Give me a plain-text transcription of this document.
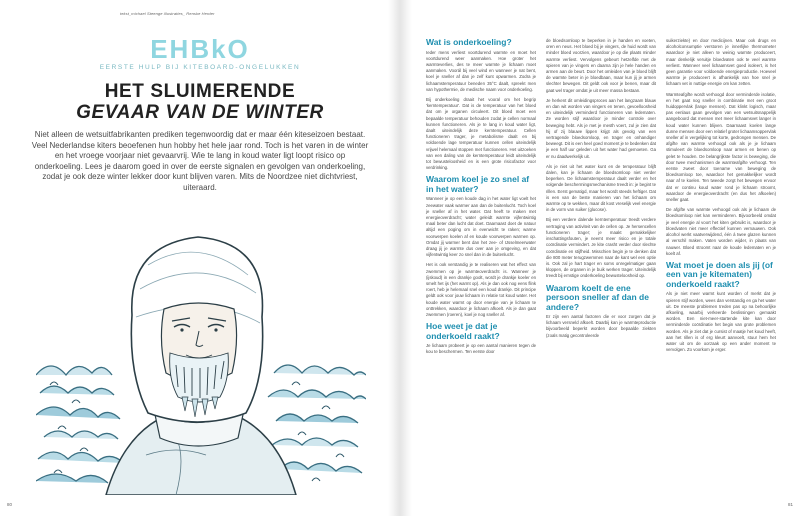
tekst_michael Steenge illustraties_ Renske Herder
EHBkO
EERSTE HULP BIJ KITEBOARD-ONGELUKKEN
HET SLUIMERENDE
GEVAAR VAN DE WINTER
Niet alleen de wetsuitfabrikanten prediken tegenwoordig dat er maar één kiteseizoen bestaat. Veel Nederlandse kiters beoefenen hun hobby het hele jaar rond. Toch is het varen in de winter en het vroege voorjaar niet gevaarvrij. Wie te lang in koud water ligt loopt risico op onderkoeling. Lees je daarom goed in over de eerste signalen en gevolgen van onderkoeling, zodat je ook deze winter lekker door kunt blijven varen. Mits de Noordzee niet dichtvriest, uiteraard.
80
Wat is onderkoeling?
Ieder mens verliest voortdurend warmte en moet het voortdurend weer aanmaken. Hoe groter het warmteverlies, des te meer warmte je lichaam moet aanmaken. Voorál bij veel wind en wanneer je nat bent, koel je sneller af dan je zelf kunt opwarmen. Zodra je lichaamstemperatuur beneden 35°C daalt, spreekt men van hypothermie, de medische naam voor onderkoeling.
Bij onderkoeling draait het vooral om het begrip 'kerntemperatuur'. Dat is de temperatuur van het bloed dat om je organen circuleert. Dit bloed moet een bepaalde temperatuur behouden zodat je cellen normaal kunnen functioneren. Als je te lang in koud water ligt, daalt uiteindelijk deze kerntemperatuur. Cellen functioneren trager, je metabolisme daalt en bij voldoende lage temperatuur kunnen cellen uiteindelijk vrijwel helemaal stoppen met functioneren. Het uitzoeken van een daling van de kerntemperatuur leidt uiteindelijk tot bewusteloosheid en is een grote risicofactor voor verdrinking.
Waarom koel je zo snel af in het water?
Wanneer je op een koude dag in het water ligt voelt het zeewater vaak warmer aan dan de buitenlucht. Toch koel je sneller af in het water. Dat heeft te maken met energieoverdracht; water geleidt warmte vijfentwintig maal beter dan lucht dat doet. Daarnaast doet de natuur altijd een poging om in evenwicht te raken; warme voorwerpen koelen af en koude voorwerpen warmen op. Omdat jij warmer bent dan het zee- of IJsselmeerwater draag jij je warmte dus over aan je omgeving, en dat vijfentwintig keer zo snel dan in de buitenlucht.
Het is ook verstandig je te realiseren wat het effect van zwemmen op je warmteoverdracht is. Wanneer je (ijskoud) in een drankje goolt, wordt je drankje koeler en smelt het ijs (het warmt op). Als je dan ook nog eens flink roert, heb je helemaal snel een koud drankje. Dit principe geldt ook voor jouw lichaam in relatie tot koud water. Het koude water warmt op door energie van je lichaam te onttrekken, waardoor je lichaam afkoelt. Als je dan gaat zwemmen (roeren), koel je nog sneller af.
Hoe weet je dat je onderkoeld raakt?
Je lichaam probeert je op een aantal manieren tegen de kou te beschermen. Ten eerste door
de bloedsomloop te beperken in je handen en voeten, oren en neus. Het bloed bij je vingers, de huid wordt van minder bloed voorzien, waardoor je op die plaats minder warmte verliest. Vervolgens gebeurt hetzelfde met de spieren van je vingers en daarna zijn je hele handen en armen aan de beurt. Door het omleiden van je bloed blijft de warmte beter in je bloedbaan, maar kun jij je armen slechter bewegen. Dit geldt ook voor je benen, maar dit gaat wel trager omdat je uit meer massa bestaan.
Je herkent dit omleidingsproces aan het langzaam blauw en dan wit worden van vingers en tenen, gevoelloosheid en uiteindelijk verminderd functioneren van ledematen. Ze worden stijf waardoor je minder controle over beweging hebt. Als je met je mesth voert, zul je zien dat hij of zij blauwe lippen krijgt als gevolg van een vertragende bloedsomloop, en trager en onhandiger beweegt. Dit is een heel goed moment je te bedenken dat je een half uur geleden uit het water had gemoeten. Ga er nu daadwerkelijk uit.
Als je niet uit het water kunt en de temperatuur blijft dalen, kan je lichaam de bloedsomloop niet verder beperken. De lichaamstemperatuur daalt verder en het volgende beschermingsmechanisme treedt in: je begint te rillen. Eerst gematigd, maar het wordt steeds heftiger. Dat is een van de beste manieren van het lichaam om warmte op te wekken, maar dit kost vreselijk veel energie in de vorm van suiker (glucose).
Bij een verdere dalende kerntemperatuur treedt verdere vertraging van activiteit van de cellen op. Je hersencellen functioneren trager; je maakt gemakkelijker inschattingsfouten, je neemt meer risico en je totale coördinatie vermindert. Je kite crasht verder door slechte coördinatie en stijfheid. Misschien begin je te denken dat die 800 meter terugzwemmen naar de kant wel een optie is. Ook zal je hart trager en soms onregelmatiger gaan kloppen, de organen in je buik werken trager. Uiteindelijk treedt bij ernstige onderkoeling bewusteloosheid op.
Waarom koelt de ene persoon sneller af dan de andere?
Er zijn een aantal factoren die er voor zorgen dat je lichaam versneld afkoelt. Daarbij kan je warmteproductie bijvoorbeeld beperkt worden door bepaalde ziekten (zoals matig gecontroleerde
suikerziekte) en door medicijnen. Maar ook drugs en alcoholconsumptie verstoren je innerlijke thermometer waardoor je niet alleen te weinig warmte produceert, maar denkelijk veruitje bloedvaten ook te veel warmte verliest. Wanneer veel lichaamsvet goed isoleert, is het geen garantie voor voldoende energieproductie. Hoeveel warmte je produceert is afhankelijk van hoe snel je lichaam vet in nuttige energie om kan zetten.
Warmteafgifte wordt verhoogd door verminderde isolatie, en het gaat nog sneller in combinatie met een groot huidoppervlak (lange mensen). Dat klinkt logisch, maar pas eenlaus gaan gevolgen van een wetsuitsnappelijk aangeboord dat mensen met meer lichaamsvet langer in koud water kunnen blijven. Daarnaast koelen lange dunne mensen door een relatief groter lichaamsoppervlak sneller af in vergelijking tot korte, gedrongen mensen. De afgifte van warmte verhoogd ook als je je lichaam stimuleert de bloedsomloop naar armen en benen op gelet te houden. De belangrijkste factor is beweging, die door twee mechanismen de warmteafgifte verhoogt. Ten eerste zweet door toename van beweging de bloedsomloop toe, waardoor het gemakkelijker wordt naar af te koelen. Ten tweede zorgt het bewegen ervoor dat er continu koud water rond je lichaam stroomt, waardoor de energieoverdracht (en dus het afkoelen) sneller gaat.
De afgifte van warmte verhoogd ook als je lichaam de bloedsomloop niet kan verminderen. Bijvoorbeeld omdat je veel energie al voort het kiten gebruikt is, waardoor je bloedvaten niet meer effectief kunnen vernauwen. Ook alcohol werkt vaatverwijdend, één á twee glazen kunnen al verschil maken. Vaten worden wijder, in plaats van nauwer. Bloed stroomt naar de koude ledematen en je koelt af.
Wat moet je doen als jij (of een van je kitematen) onderkoeld raakt?
Als je niet meer warmt kunt worden of merkt dat je spieren stijf worden, wees dan verstandig en ga het water uit. De meeste problemen treden pas op na behoorlijke afkoeling, waarbij verkeerde beslissingen gemaakt worden. Een niet-meer-startende kite kan door verminderde coördinatie het begin van grote problemen worden. Als je ziet dat je cursist of maatje het koud heeft, aan het rillen is of erg kleurt aanvoelt, stuur hem het water uit om de oorzaak op een ander moment te vervolgen. Zo voorkom je erger.
81
